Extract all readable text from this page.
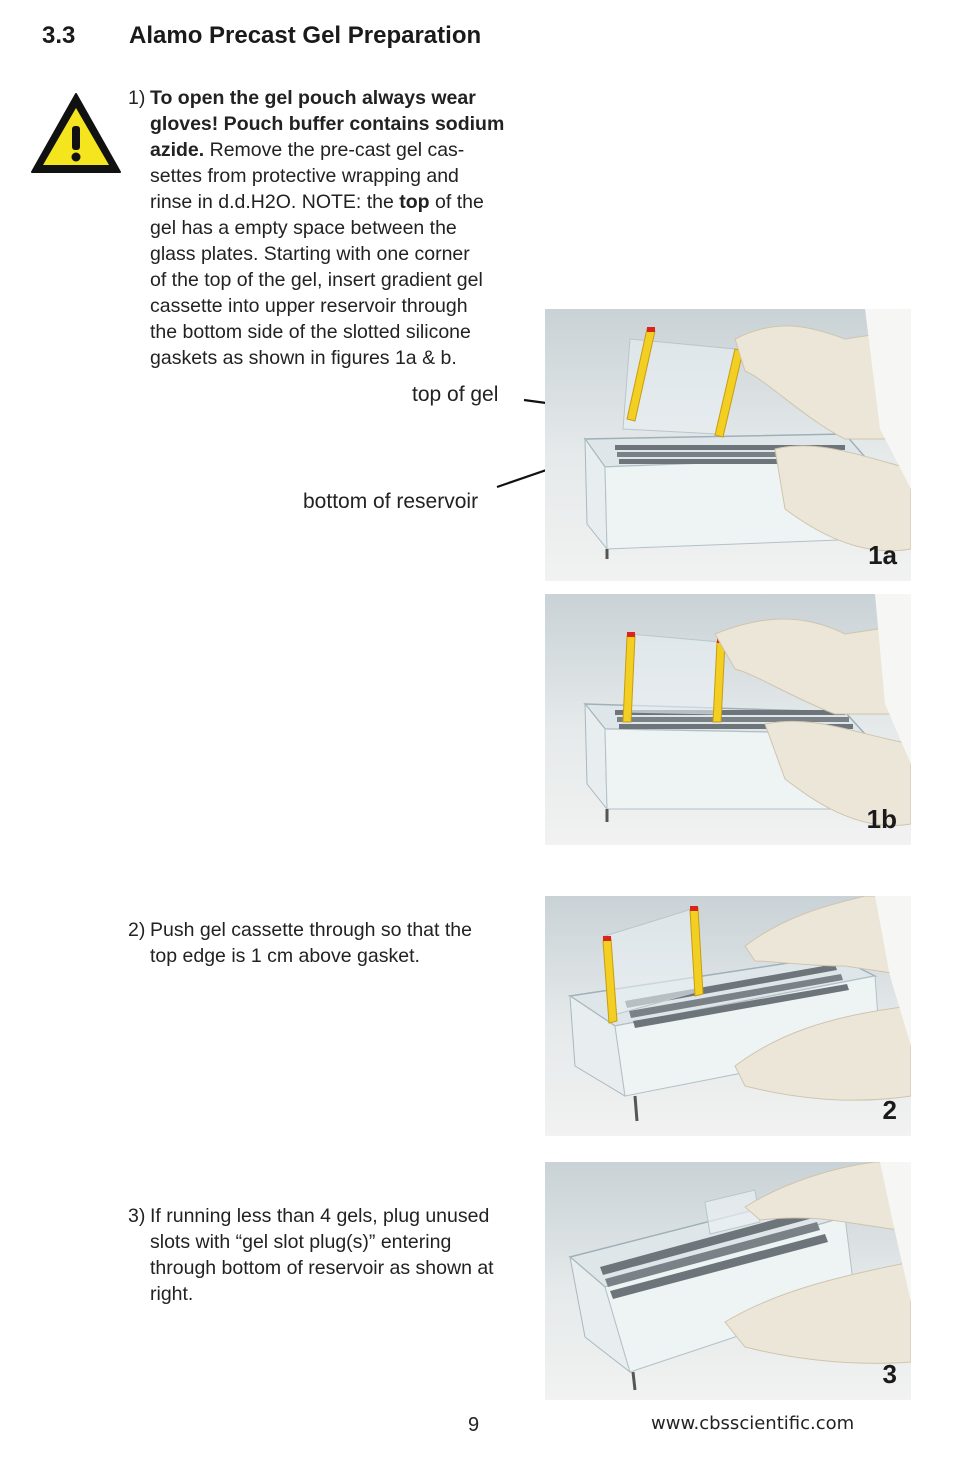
3.3 Alamo Precast Gel Preparation
1) To open the gel pouch always wear
gloves! Pouch buffer contains sodium
azide. Remove the pre-cast gel cas-
settes from protective wrapping and
rinse in d.d.H2O. NOTE: the top of the
gel has a empty space between the
glass plates. Starting with one corner
of the top of the gel, insert gradient gel
cassette into upper reservoir through
the bottom side of the slotted silicone
gaskets as shown in figures 1a & b.
top of gel
bottom of reservoir
1a
1b
2) Push gel cassette through so that the
top edge is 1 cm above gasket.
2
3) If running less than 4 gels, plug unused
slots with “gel slot plug(s)” entering
through bottom of reservoir as shown at
right.
3
9	www.cbsscientific.com
